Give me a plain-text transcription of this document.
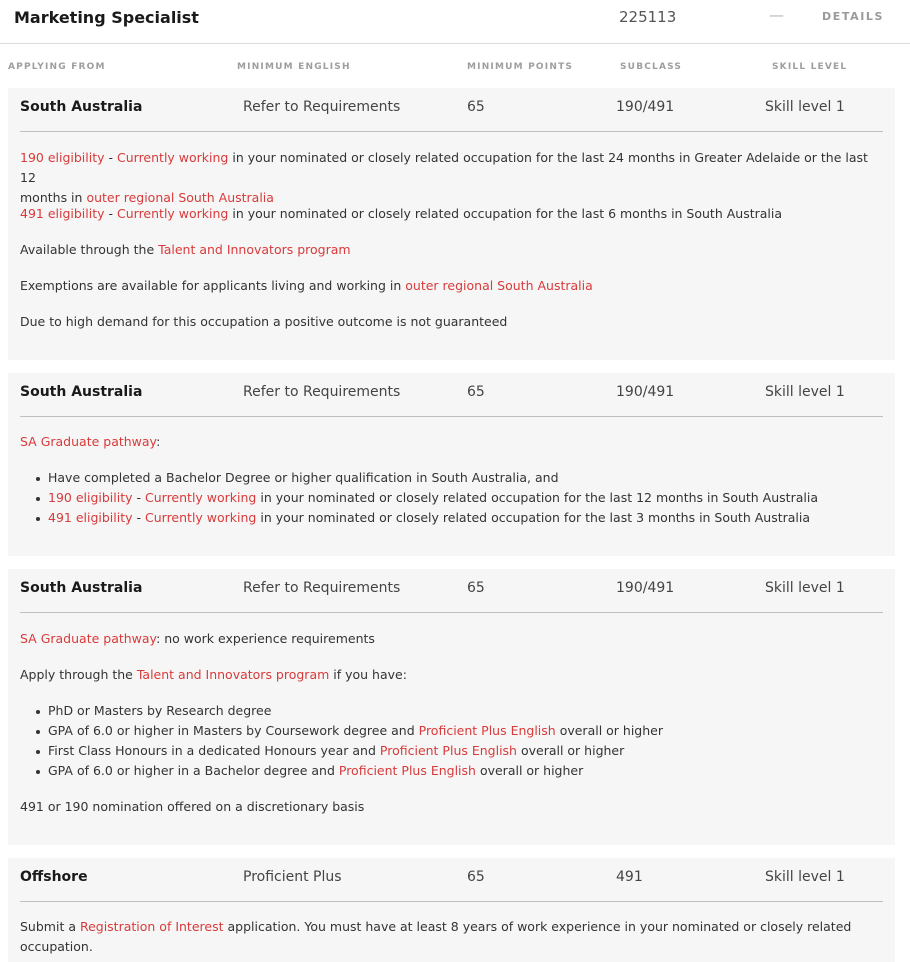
Marketing Specialist	225113	—	DETAILS
APPLYING FROM	MINIMUM ENGLISH	MINIMUM POINTS	SUBCLASS	SKILL LEVEL
South Australia	Refer to Requirements	65	190/491	Skill level 1
190 eligibility - Currently working in your nominated or closely related occupation for the last 24 months in Greater Adelaide or the last 12
months in outer regional South Australia
491 eligibility - Currently working in your nominated or closely related occupation for the last 6 months in South Australia
Available through the Talent and Innovators program
Exemptions are available for applicants living and working in outer regional South Australia
Due to high demand for this occupation a positive outcome is not guaranteed
South Australia	Refer to Requirements	65	190/491	Skill level 1
SA Graduate pathway:
Have completed a Bachelor Degree or higher qualification in South Australia, and
190 eligibility - Currently working in your nominated or closely related occupation for the last 12 months in South Australia
491 eligibility - Currently working in your nominated or closely related occupation for the last 3 months in South Australia
South Australia	Refer to Requirements	65	190/491	Skill level 1
SA Graduate pathway: no work experience requirements
Apply through the Talent and Innovators program if you have:
PhD or Masters by Research degree
GPA of 6.0 or higher in Masters by Coursework degree and Proficient Plus English overall or higher
First Class Honours in a dedicated Honours year and Proficient Plus English overall or higher
GPA of 6.0 or higher in a Bachelor degree and Proficient Plus English overall or higher
491 or 190 nomination offered on a discretionary basis
Offshore	Proficient Plus	65	491	Skill level 1
Submit a Registration of Interest application. You must have at least 8 years of work experience in your nominated or closely related
occupation.
